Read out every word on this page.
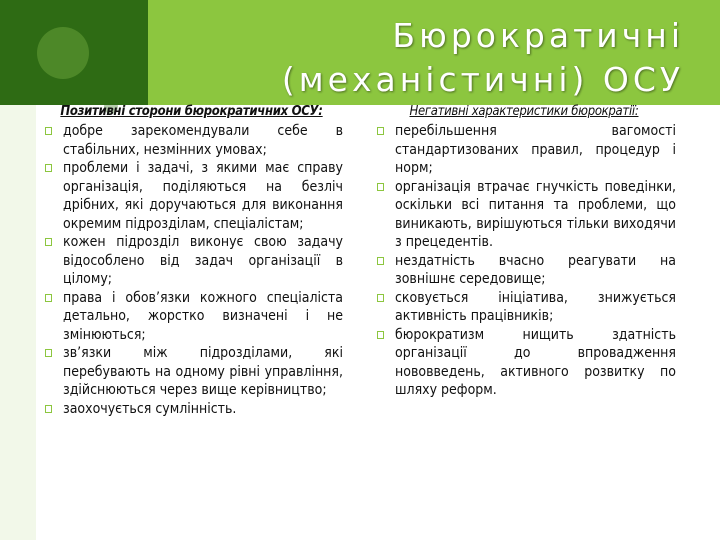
Бюрократичні (механістичні) ОСУ

Позитивні сторони бюрократичних ОСУ:

добре зарекомендували себе в стабільних, незмінних умовах;
проблеми і задачі, з якими має справу організація, поділяються на безліч дрібних, які доручаються для виконання окремим підрозділам, спеціалістам;
кожен підрозділ виконує свою задачу відособлено від задач організації в цілому;
права і обов’язки кожного спеціаліста детально, жорстко визначені і не змінюються;
зв’язки між підрозділами, які перебувають на одному рівні управління, здійснюються через вище керівництво;
заохочується сумлінність.

Негативні характеристики бюрократії:

перебільшення вагомості стандартизованих правил, процедур і норм;
організація втрачає гнучкість поведінки, оскільки всі питання та проблеми, що виникають, вирішуються тільки виходячи з прецедентів.
нездатність вчасно реагувати на зовнішнє середовище;
сковується ініціатива, знижується активність працівників;
бюрократизм нищить здатність організації до впровадження нововведень, активного розвитку по шляху реформ.
